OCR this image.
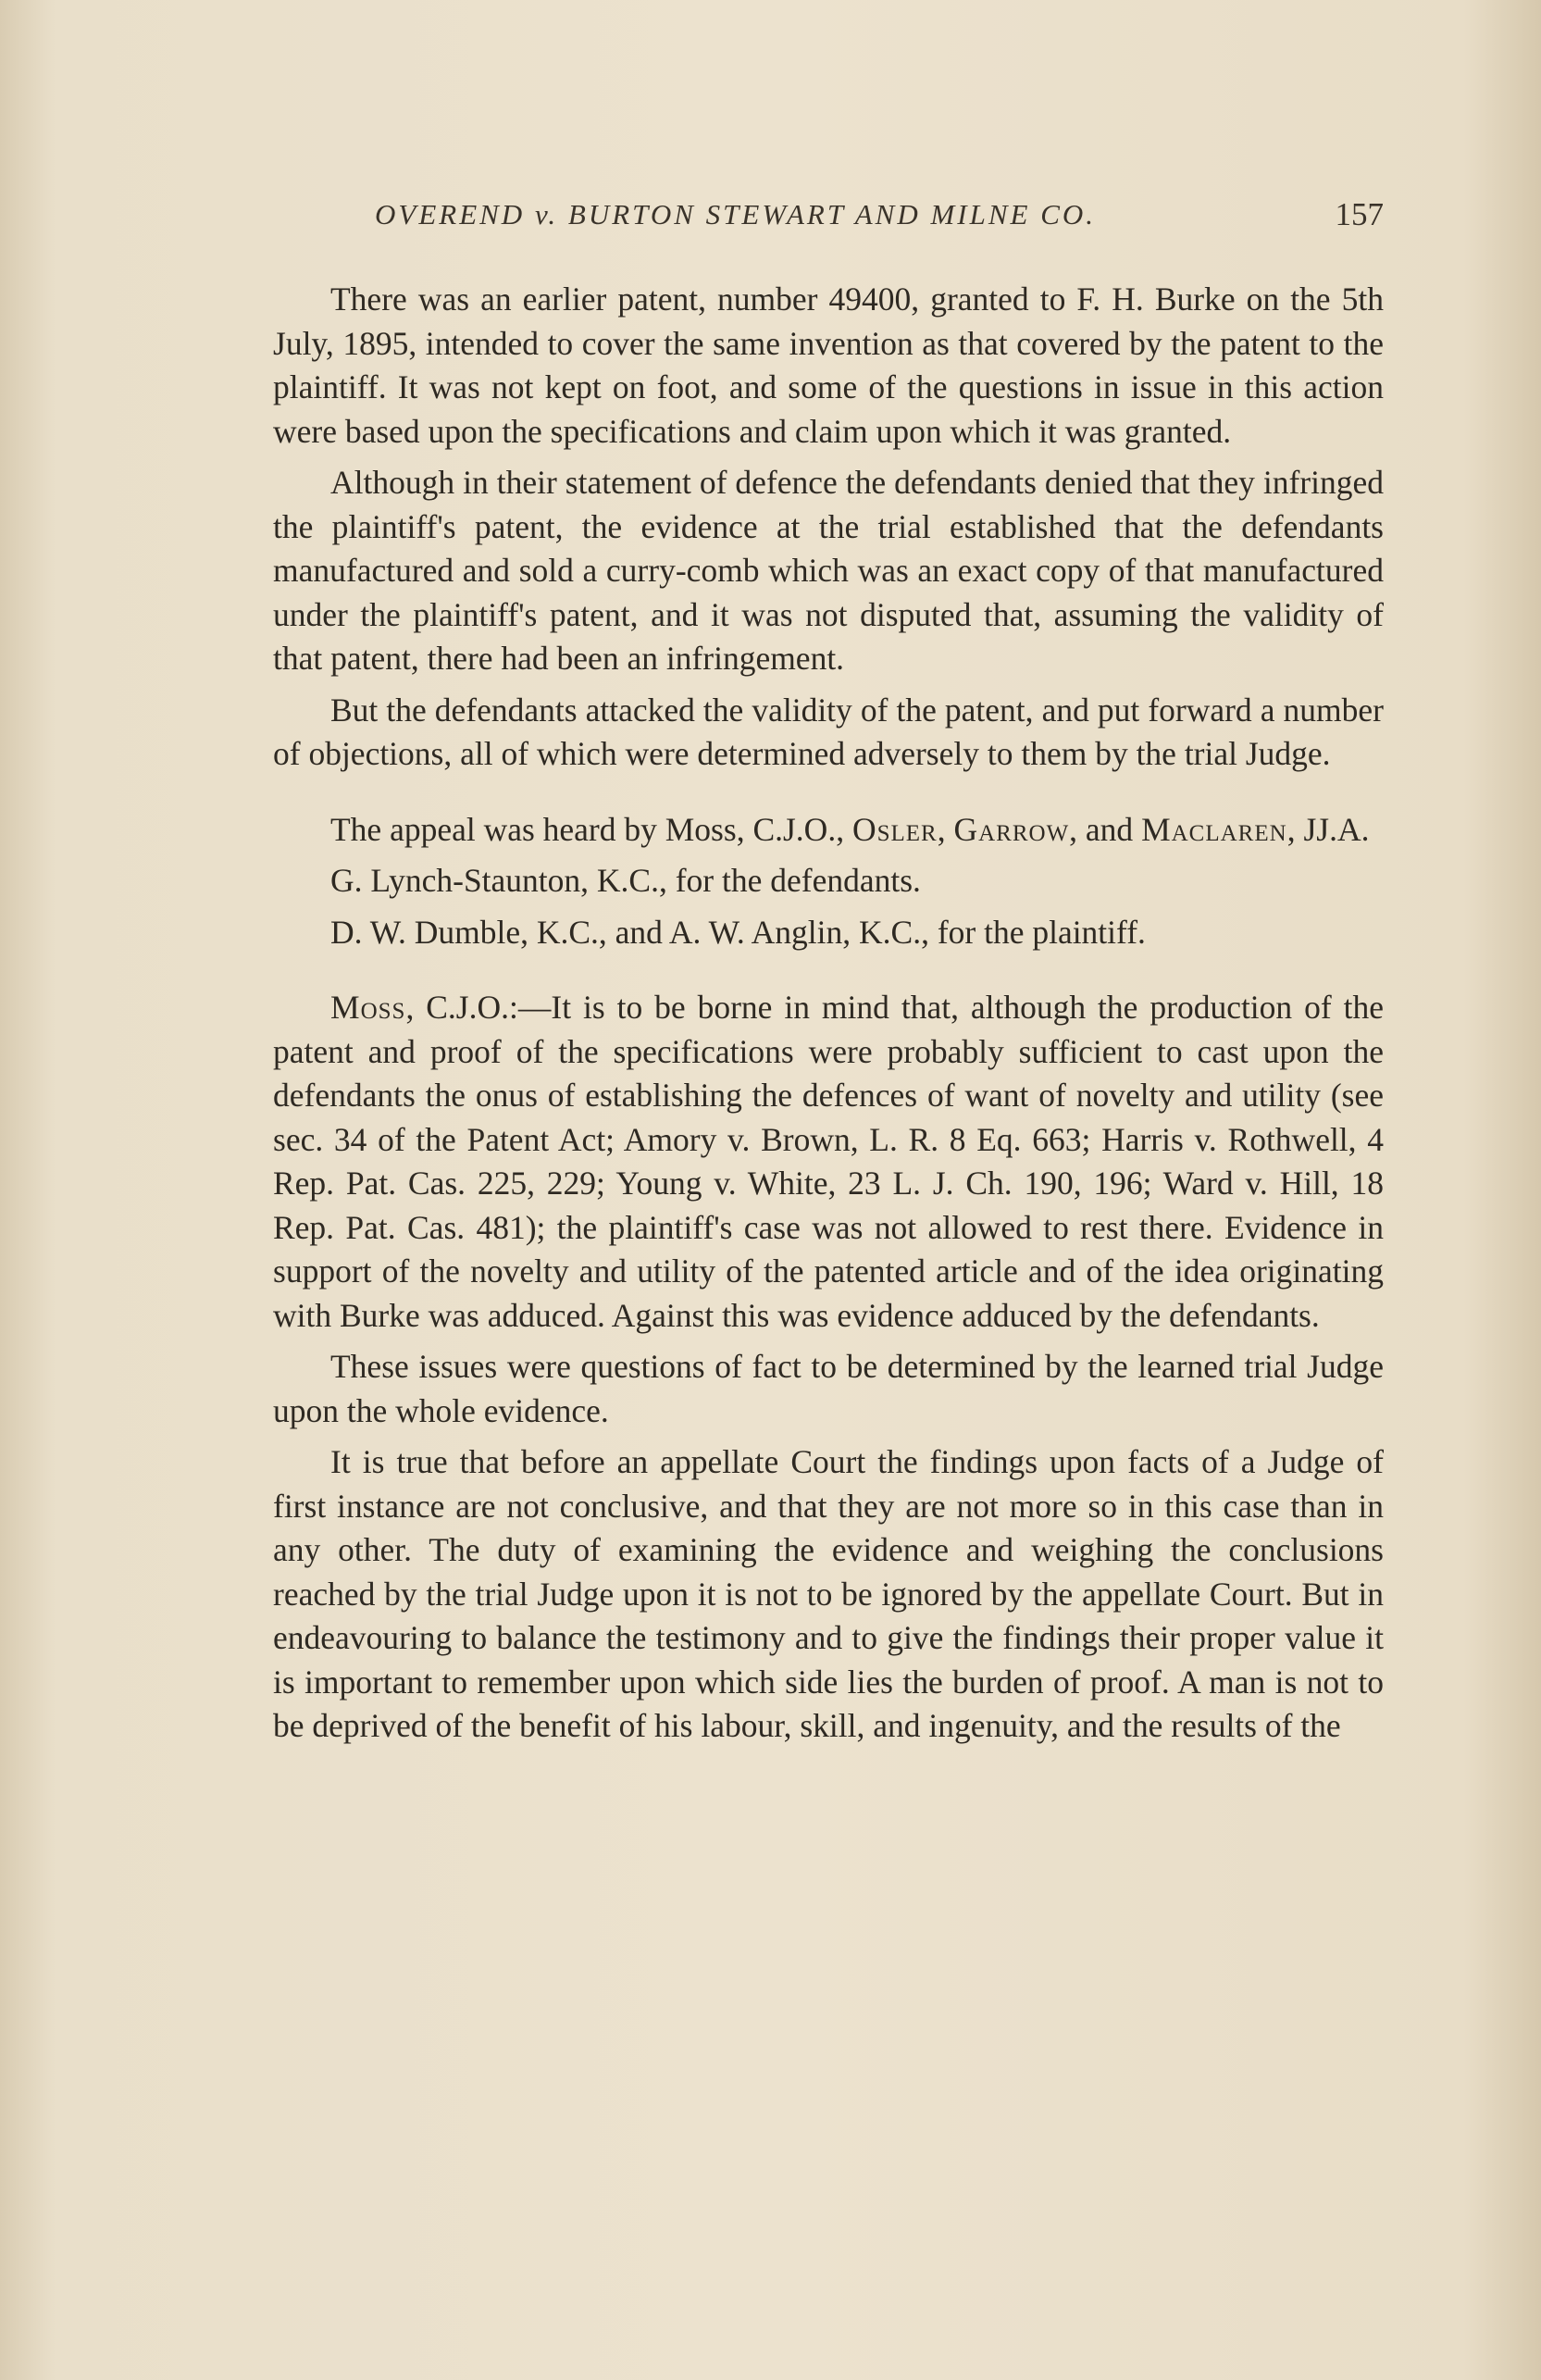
OVEREND v. BURTON STEWART AND MILNE CO.	157

There was an earlier patent, number 49400, granted to F. H. Burke on the 5th July, 1895, intended to cover the same invention as that covered by the patent to the plaintiff. It was not kept on foot, and some of the questions in issue in this action were based upon the specifications and claim upon which it was granted.

Although in their statement of defence the defendants denied that they infringed the plaintiff's patent, the evidence at the trial established that the defendants manufactured and sold a curry-comb which was an exact copy of that manufactured under the plaintiff's patent, and it was not disputed that, assuming the validity of that patent, there had been an infringement.

But the defendants attacked the validity of the patent, and put forward a number of objections, all of which were determined adversely to them by the trial Judge.

The appeal was heard by Moss, C.J.O., Osler, Garrow, and Maclaren, JJ.A.

G. Lynch-Staunton, K.C., for the defendants.

D. W. Dumble, K.C., and A. W. Anglin, K.C., for the plaintiff.

Moss, C.J.O.:—It is to be borne in mind that, although the production of the patent and proof of the specifications were probably sufficient to cast upon the defendants the onus of establishing the defences of want of novelty and utility (see sec. 34 of the Patent Act; Amory v. Brown, L. R. 8 Eq. 663; Harris v. Rothwell, 4 Rep. Pat. Cas. 225, 229; Young v. White, 23 L. J. Ch. 190, 196; Ward v. Hill, 18 Rep. Pat. Cas. 481); the plaintiff's case was not allowed to rest there. Evidence in support of the novelty and utility of the patented article and of the idea originating with Burke was adduced. Against this was evidence adduced by the defendants.

These issues were questions of fact to be determined by the learned trial Judge upon the whole evidence.

It is true that before an appellate Court the findings upon facts of a Judge of first instance are not conclusive, and that they are not more so in this case than in any other. The duty of examining the evidence and weighing the conclusions reached by the trial Judge upon it is not to be ignored by the appellate Court. But in endeavouring to balance the testimony and to give the findings their proper value it is important to remember upon which side lies the burden of proof. A man is not to be deprived of the benefit of his labour, skill, and ingenuity, and the results of the
